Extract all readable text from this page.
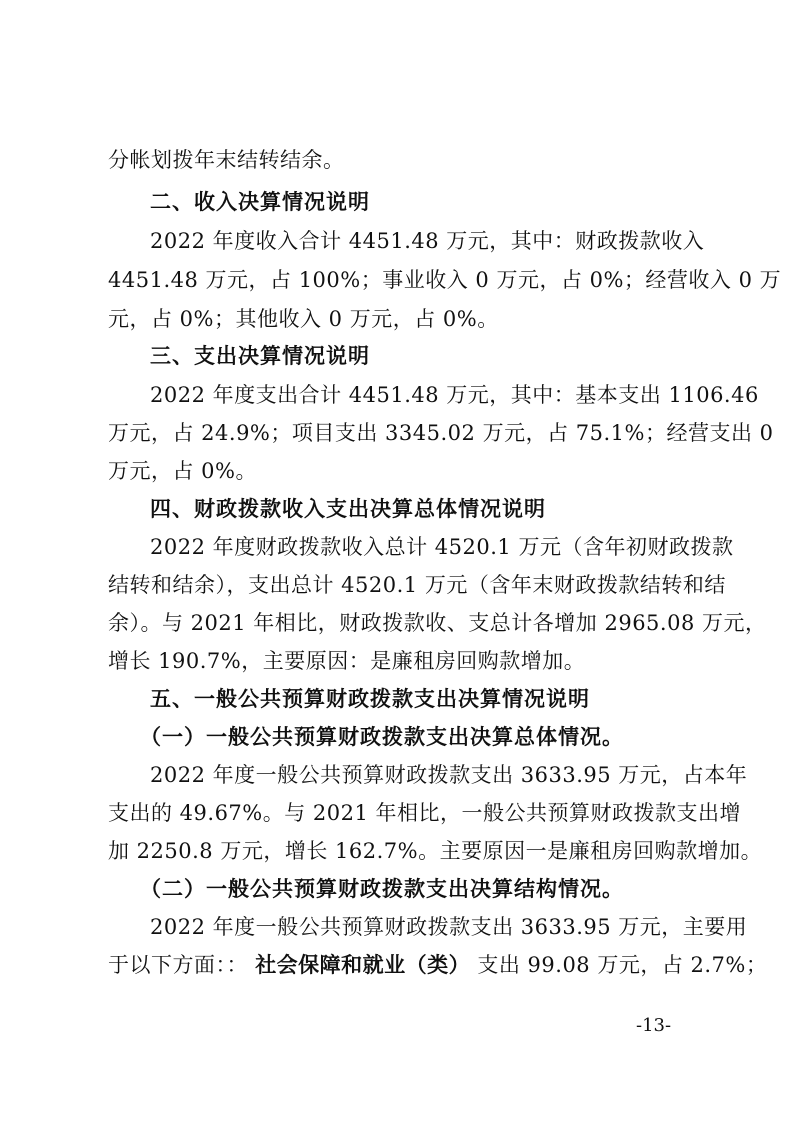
分帐划拨年末结转结余。
二、收入决算情况说明
2022 年度收入合计 4451.48 万元，其中：财政拨款收入
4451.48 万元，占 100%；事业收入 0 万元，占 0%；经营收入 0 万
元，占 0%；其他收入 0 万元，占 0%。
三、支出决算情况说明
2022 年度支出合计 4451.48 万元，其中：基本支出 1106.46
万元，占 24.9%；项目支出 3345.02 万元，占 75.1%；经营支出 0
万元，占 0%。
四、财政拨款收入支出决算总体情况说明
2022 年度财政拨款收入总计 4520.1 万元（含年初财政拨款
结转和结余），支出总计 4520.1 万元（含年末财政拨款结转和结
余）。与 2021 年相比，财政拨款收、支总计各增加 2965.08 万元，
增长 190.7%，主要原因：是廉租房回购款增加。
五、一般公共预算财政拨款支出决算情况说明
（一）一般公共预算财政拨款支出决算总体情况。
2022 年度一般公共预算财政拨款支出 3633.95 万元，占本年
支出的 49.67%。与 2021 年相比，一般公共预算财政拨款支出增
加 2250.8 万元，增长 162.7%。主要原因一是廉租房回购款增加。
（二）一般公共预算财政拨款支出决算结构情况。
2022 年度一般公共预算财政拨款支出 3633.95 万元，主要用
于以下方面：： 社会保障和就业（类） 支出 99.08 万元，占 2.7%；
-13-
